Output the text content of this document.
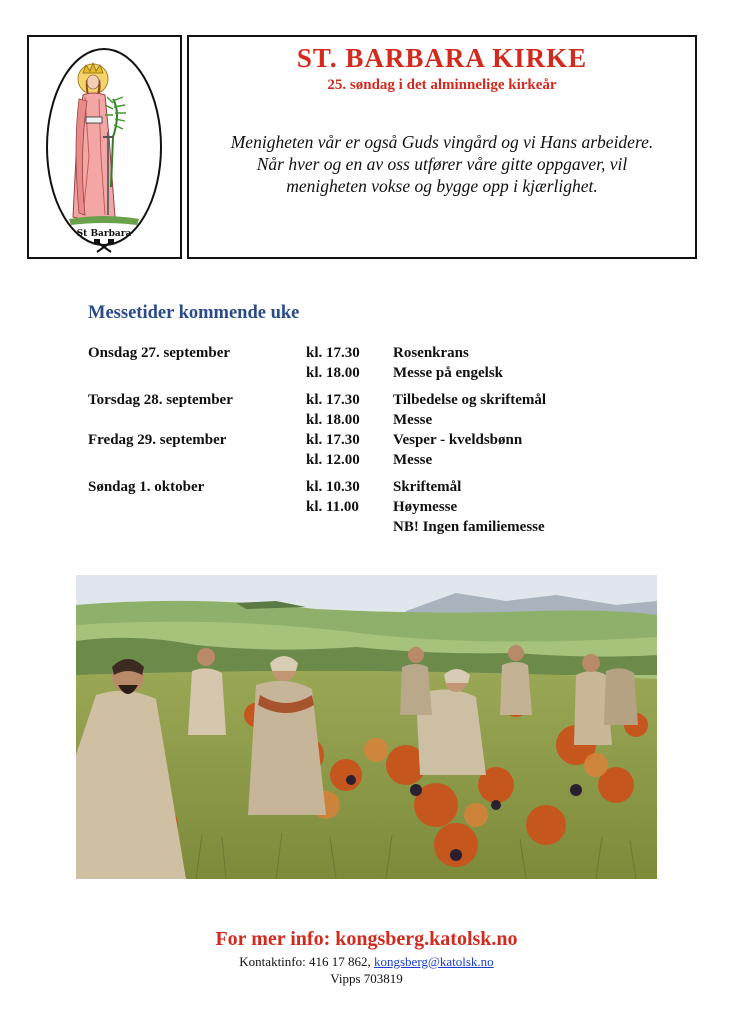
St Barbara
ST. BARBARA KIRKE
25. søndag i det alminnelige kirkeår
Menigheten vår er også Guds vingård og vi Hans arbeidere. Når hver og en av oss utfører våre gitte oppgaver, vil menigheten vokse og bygge opp i kjærlighet.
Messetider kommende uke
Onsdag 27. september	kl. 17.30 Rosenkrans
kl. 18.00 Messe på engelsk
Torsdag 28. september	kl. 17.30 Tilbedelse og skriftemål
kl. 18.00 Messe
Fredag 29. september	kl. 17.30 Vesper - kveldsbønn
kl. 12.00 Messe
Søndag 1. oktober	kl. 10.30 Skriftemål
kl. 11.00 Høymesse
NB! Ingen familiemesse
For mer info: kongsberg.katolsk.no
Kontaktinfo: 416 17 862, kongsberg@katolsk.no
Vipps 703819
